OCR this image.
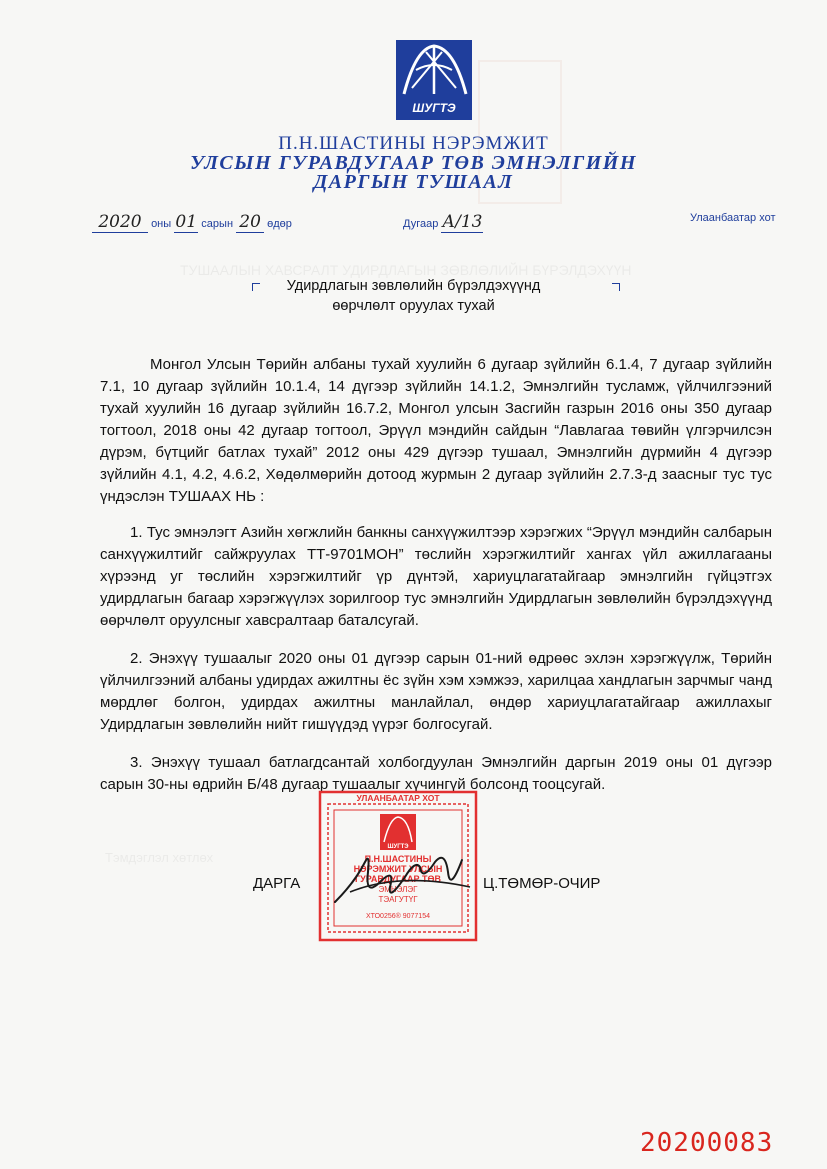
ТУШААЛЫН ХАВСРАЛТ УДИРДЛАГЫН ЗӨВЛӨЛИЙН БҮРЭЛДЭХҮҮН
Тэмдэглэл хөтлөх
ШУГТЭ
П.Н.ШАСТИНЫ НЭРЭМЖИТ
УЛСЫН ГУРАВДУГААР ТӨВ ЭМНЭЛГИЙН
ДАРГЫН ТУШААЛ
2020 оны 01 сарын 20 өдөр	Дугаар А/13	Улаанбаатар хот
Удирдлагын зөвлөлийн бүрэлдэхүүнд
өөрчлөлт оруулах тухай

Монгол Улсын Төрийн албаны тухай хуулийн 6 дугаар зүйлийн 6.1.4, 7 дугаар зүйлийн 7.1, 10 дугаар зүйлийн 10.1.4, 14 дүгээр зүйлийн 14.1.2, Эмнэлгийн тусламж, үйлчилгээний тухай хуулийн 16 дугаар зүйлийн 16.7.2, Монгол улсын Засгийн газрын 2016 оны 350 дугаар тогтоол, 2018 оны 42 дугаар тогтоол, Эрүүл мэндийн сайдын “Лавлагаа төвийн үлгэрчилсэн дүрэм, бүтцийг батлах тухай” 2012 оны 429 дүгээр тушаал, Эмнэлгийн дүрмийн 4 дүгээр зүйлийн 4.1, 4.2, 4.6.2, Хөдөлмөрийн дотоод журмын 2 дугаар зүйлийн 2.7.3-д заасныг тус тус үндэслэн ТУШААХ НЬ :

1. Тус эмнэлэгт Азийн хөгжлийн банкны санхүүжилтээр хэрэгжих “Эрүүл мэндийн салбарын санхүүжилтийг сайжруулах ТТ-9701МОН” төслийн хэрэгжилтийг хангах үйл ажиллагааны хүрээнд уг төслийн хэрэгжилтийг үр дүнтэй, хариуцлагатайгаар эмнэлгийн гүйцэтгэх удирдлагын багаар хэрэгжүүлэх зорилгоор тус эмнэлгийн Удирдлагын зөвлөлийн бүрэлдэхүүнд өөрчлөлт оруулсныг хавсралтаар баталсугай.

2. Энэхүү тушаалыг 2020 оны 01 дүгээр сарын 01-ний өдрөөс эхлэн хэрэгжүүлж, Төрийн үйлчилгээний албаны удирдах ажилтны ёс зүйн хэм хэмжээ, харилцаа хандлагын зарчмыг чанд мөрдлөг болгон, удирдах ажилтны манлайлал, өндөр хариуцлагатайгаар ажиллахыг Удирдлагын зөвлөлийн нийт гишүүдэд үүрэг болгосугай.

3. Энэхүү тушаал батлагдсантай холбогдуулан Эмнэлгийн даргын 2019 оны 01 дүгээр сарын 30-ны өдрийн Б/48 дугаар тушаалыг хүчингүй болсонд тооцсугай.

УЛААНБААТАР ХОТ
ШУГТЭ
П.Н.ШАСТИНЫ
НЭРЭМЖИТ УЛСЫН
ГУРАВДУГААР ТӨВ
ЭМНЭЛЭГ
ТЭАГУТҮГ
ХТО0256® 9077154
ДАРГА	Ц.ТӨМӨР-ОЧИР
20200083
